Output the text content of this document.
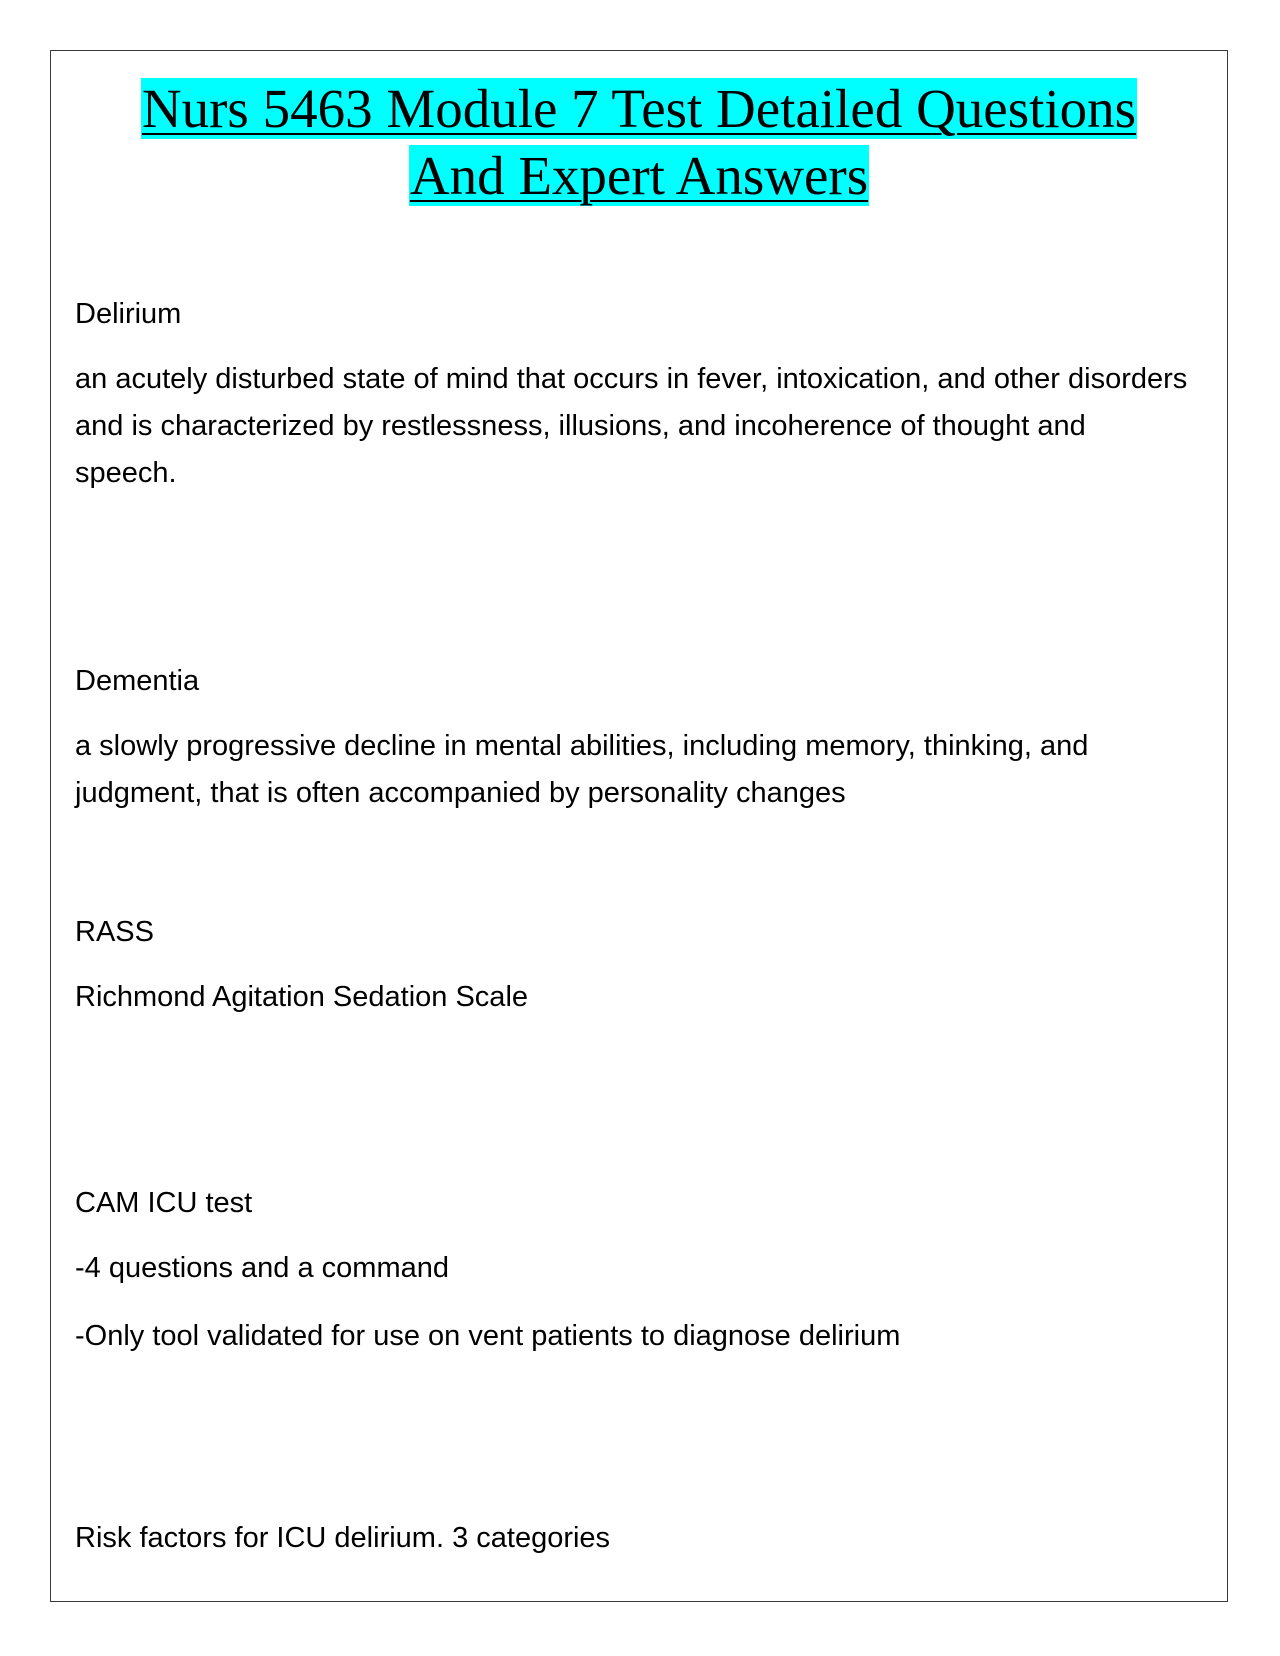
Nurs 5463 Module 7 Test Detailed Questions
And Expert Answers

Delirium

an acutely disturbed state of mind that occurs in fever, intoxication, and other disorders and is characterized by restlessness, illusions, and incoherence of thought and speech.

Dementia

a slowly progressive decline in mental abilities, including memory, thinking, and judgment, that is often accompanied by personality changes

RASS

Richmond Agitation Sedation Scale

CAM ICU test

-4 questions and a command

-Only tool validated for use on vent patients to diagnose delirium

Risk factors for ICU delirium. 3 categories
